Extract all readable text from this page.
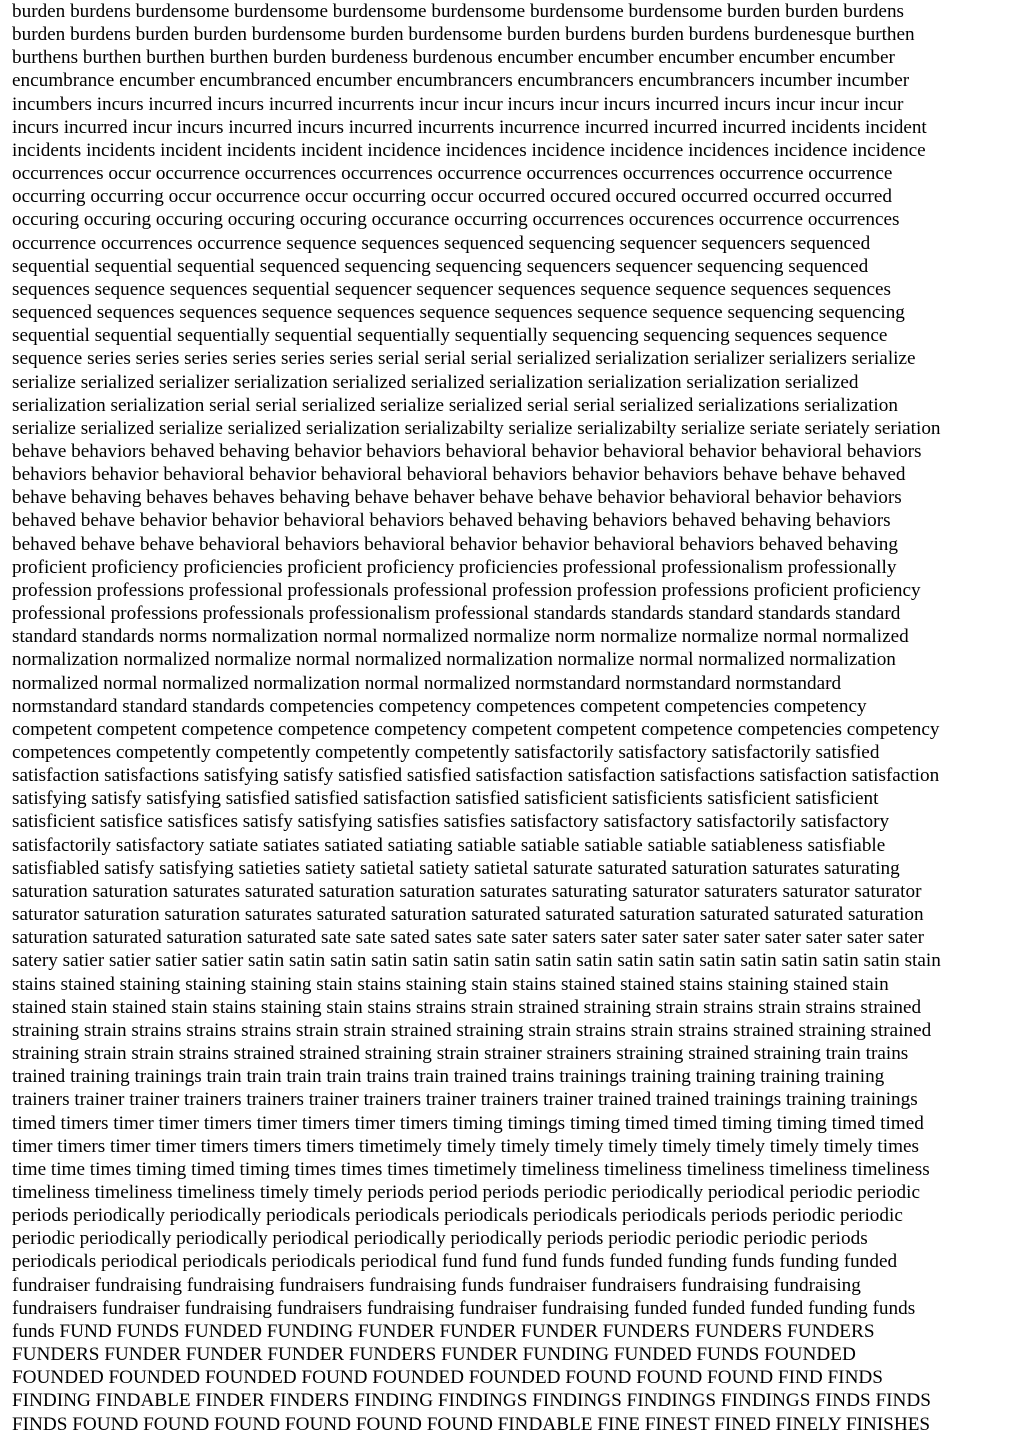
burden burdens burdensome burdensome burdensome burdensome burdensome burdensome burden burden burdens
burden burdens burden burden burdensome burden burdensome burden burdens burden burdens burdenesque burthen
burthens burthen burthen burthen burden burdeness burdenous encumber encumber encumber encumber encumber
encumbrance encumber encumbranced encumber encumbrancers encumbrancers encumbrancers incumber incumber
incumbers incurs incurred incurs incurred incurrents incur incur incurs incur incurs incurred incurs incur incur incur
incurs incurred incur incurs incurred incurs incurred incurrents incurrence incurred incurred incurred incidents incident
incidents incidents incident incidents incident incidence incidences incidence incidence incidences incidence incidence
occurrences occur occurrence occurrences occurrences occurrence occurrences occurrences occurrence occurrence
occurring occurring occur occurrence occur occurring occur occurred occured occured occurred occurred occurred
occuring occuring occuring occuring occuring occurance occurring occurrences occurences occurrence occurrences
occurrence occurrences occurrence sequence sequences sequenced sequencing sequencer sequencers sequenced
sequential sequential sequential sequenced sequencing sequencing sequencers sequencer sequencing sequenced
sequences sequence sequences sequential sequencer sequencer sequences sequence sequence sequences sequences
sequenced sequences sequences sequence sequences sequence sequences sequence sequence sequencing sequencing
sequential sequential sequentially sequential sequentially sequentially sequencing sequencing sequences sequence
sequence series series series series series series serial serial serial serialized serialization serializer serializers serialize
serialize serialized serializer serialization serialized serialized serialization serialization serialization serialized
serialization serialization serial serial serialized serialize serialized serial serial serialized serializations serialization
serialize serialized serialize serialized serialization serializabilty serialize serializabilty serialize seriate seriately seriation
behave behaviors behaved behaving behavior behaviors behavioral behavior behavioral behavior behavioral behaviors
behaviors behavior behavioral behavior behavioral behavioral behaviors behavior behaviors behave behave behaved
behave behaving behaves behaves behaving behave behaver behave behave behavior behavioral behavior behaviors
behaved behave behavior behavior behavioral behaviors behaved behaving behaviors behaved behaving behaviors
behaved behave behave behavioral behaviors behavioral behavior behavior behavioral behaviors behaved behaving
proficient proficiency proficiencies proficient proficiency proficiencies professional professionalism professionally
profession professions professional professionals professional profession profession professions proficient proficiency
professional professions professionals professionalism professional standards standards standard standards standard
standard standards norms normalization normal normalized normalize norm normalize normalize normal normalized
normalization normalized normalize normal normalized normalization normalize normal normalized normalization
normalized normal normalized normalization normal normalized normstandard normstandard normstandard
normstandard standard standards competencies competency competences competent competencies competency
competent competent competence competence competency competent competent competence competencies competency
competences competently competently competently competently satisfactorily satisfactory satisfactorily satisfied
satisfaction satisfactions satisfying satisfy satisfied satisfied satisfaction satisfaction satisfactions satisfaction satisfaction
satisfying satisfy satisfying satisfied satisfied satisfaction satisfied satisficient satisficients satisficient satisficient
satisficient satisfice satisfices satisfy satisfying satisfies satisfies satisfactory satisfactory satisfactorily satisfactory
satisfactorily satisfactory satiate satiates satiated satiating satiable satiable satiable satiable satiableness satisfiable
satisfiabled satisfy satisfying satieties satiety satietal satiety satietal saturate saturated saturation saturates saturating
saturation saturation saturates saturated saturation saturation saturates saturating saturator saturaters saturator saturator
saturator saturation saturation saturates saturated saturation saturated saturated saturation saturated saturated saturation
saturation saturated saturation saturated sate sate sated sates sate sater saters sater sater sater sater sater sater sater sater
satery satier satier satier satier satin satin satin satin satin satin satin satin satin satin satin satin satin satin satin satin stain
stains stained staining staining staining stain stains staining stain stains stained stained stains staining stained stain
stained stain stained stain stains staining stain stains strains strain strained straining strain strains strain strains strained
straining strain strains strains strains strain strain strained straining strain strains strain strains strained straining strained
straining strain strain strains strained strained straining strain strainer strainers straining strained straining train trains
trained training trainings train train train train trains train trained trains trainings training training training training
trainers trainer trainer trainers trainers trainer trainers trainer trainers trainer trained trained trainings training trainings
timed timers timer timer timers timer timers timer timers timing timings timing timed timed timing timing timed timed
timer timers timer timer timers timers timers timetimely timely timely timely timely timely timely timely timely times
time time times timing timed timing times times times timetimely timeliness timeliness timeliness timeliness timeliness
timeliness timeliness timeliness timely timely periods period periods periodic periodically periodical periodic periodic
periods periodically periodically periodicals periodicals periodicals periodicals periodicals periods periodic periodic
periodic periodically periodically periodical periodically periodically periods periodic periodic periodic periods
periodicals periodical periodicals periodicals periodical fund fund fund funds funded funding funds funding funded
fundraiser fundraising fundraising fundraisers fundraising funds fundraiser fundraisers fundraising fundraising
fundraisers fundraiser fundraising fundraisers fundraising fundraiser fundraising funded funded funded funding funds
funds FUND FUNDS FUNDED FUNDING FUNDER FUNDER FUNDER FUNDERS FUNDERS FUNDERS
FUNDERS FUNDER FUNDER FUNDER FUNDERS FUNDER FUNDING FUNDED FUNDS FOUNDED
FOUNDED FOUNDED FOUNDED FOUND FOUNDED FOUNDED FOUND FOUND FOUND FIND FINDS
FINDING FINDABLE FINDER FINDERS FINDING FINDINGS FINDINGS FINDINGS FINDINGS FINDS FINDS
FINDS FOUND FOUND FOUND FOUND FOUND FOUND FINDABLE FINE FINEST FINED FINELY FINISHES
